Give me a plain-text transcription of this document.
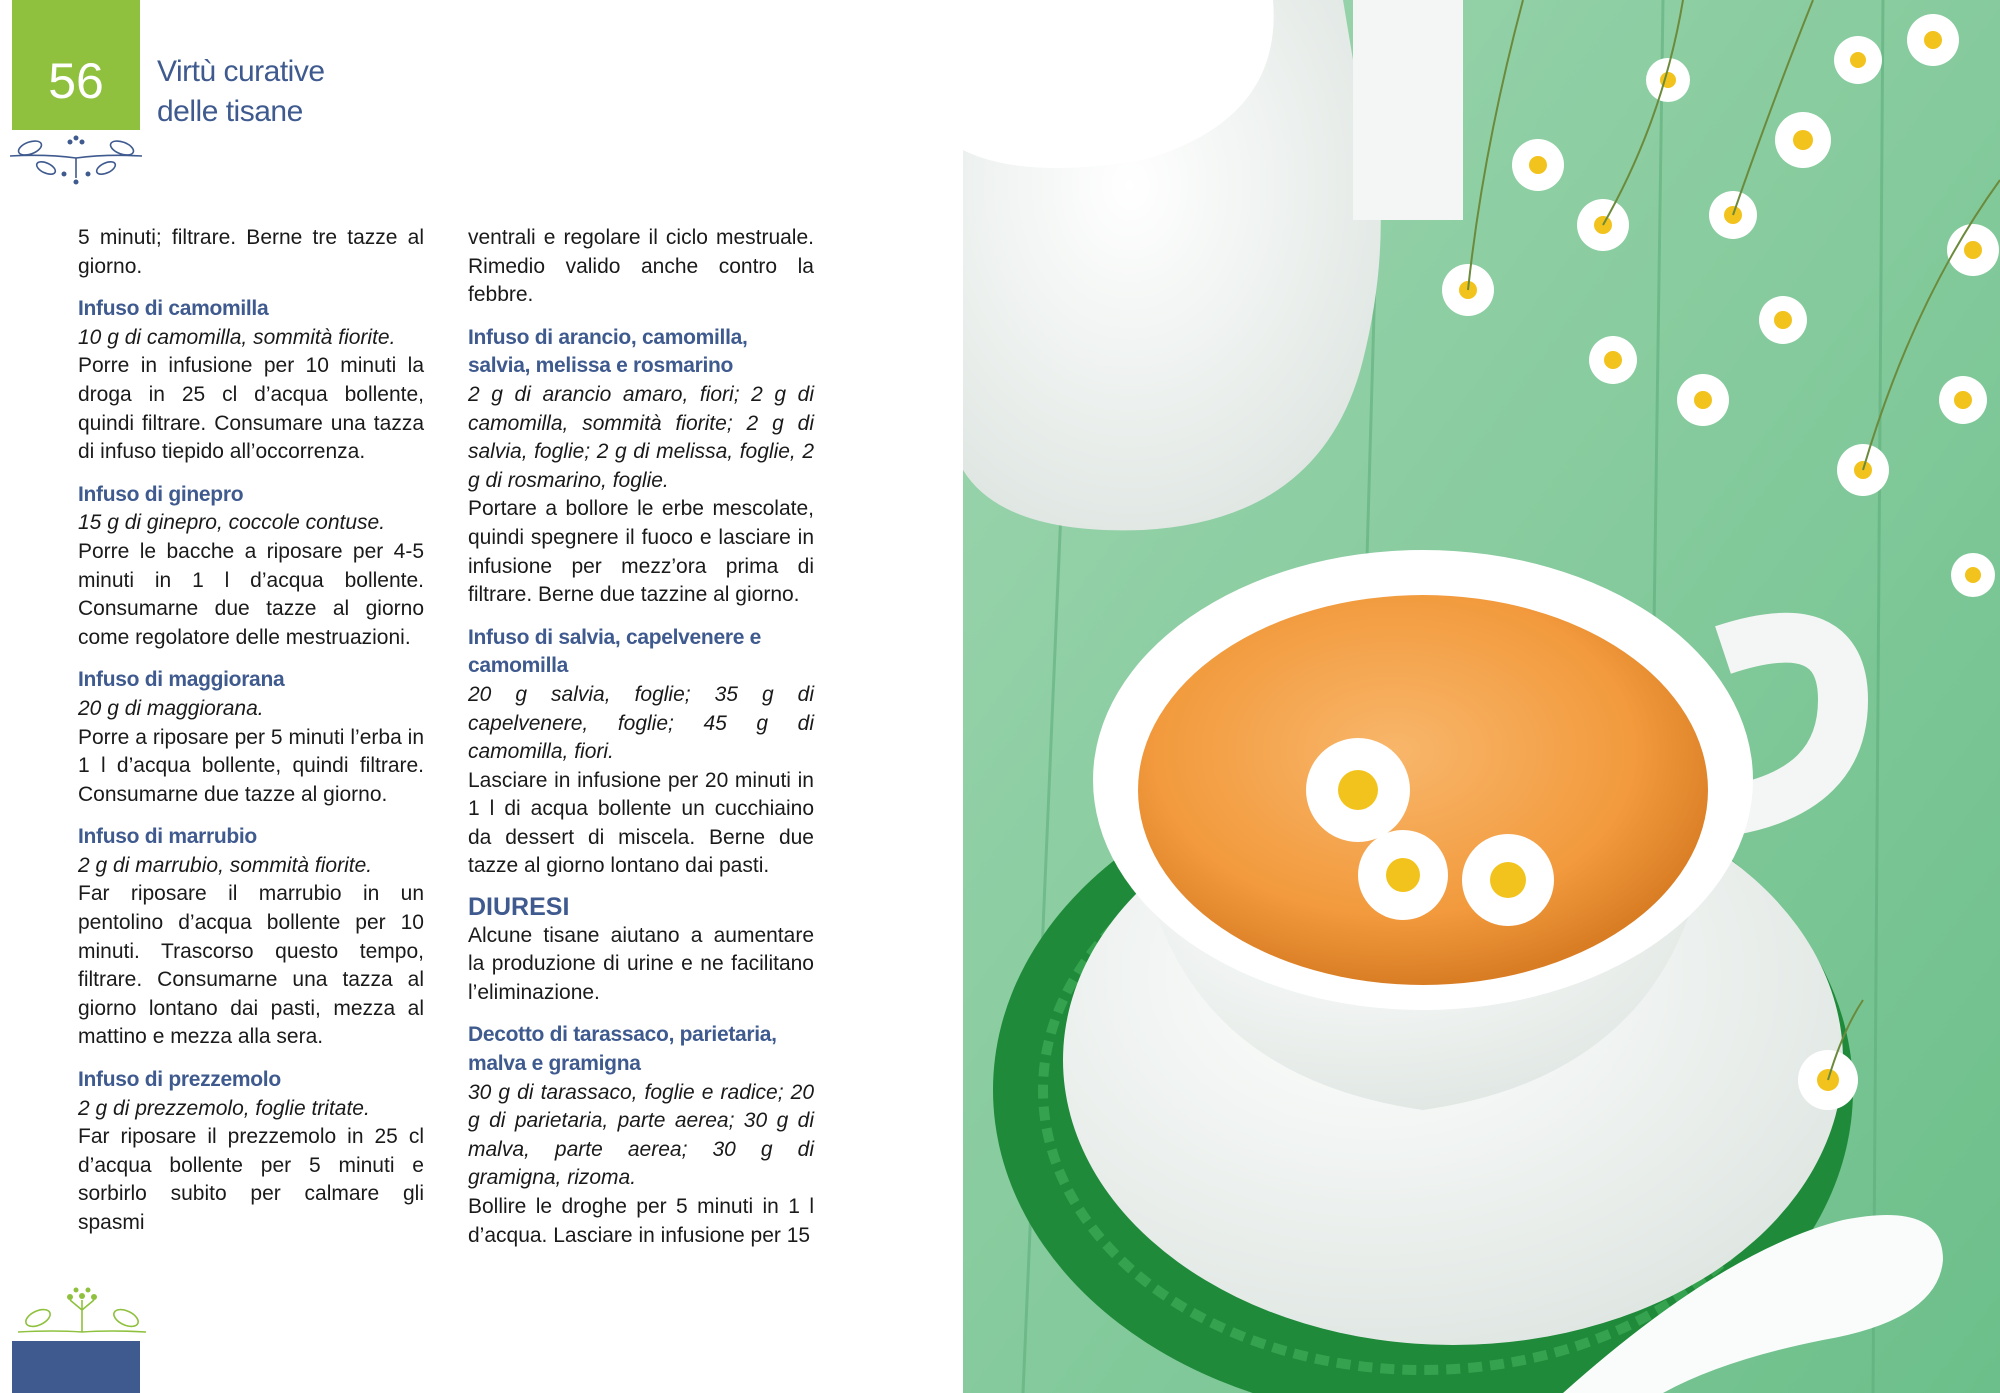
56 Virtù curative
delle tisane

5 minuti; filtrare. Berne tre tazze al giorno.

Infuso di camomilla

10 g di camomilla, sommità fiorite.

Porre in infusione per 10 minuti la droga in 25 cl d’acqua bollente, quindi filtrare. Consumare una tazza di infuso tiepido all’occorrenza.

Infuso di ginepro

15 g di ginepro, coccole contuse.

Porre le bacche a riposare per 4-5 minuti in 1 l d’acqua bollente. Consumarne due tazze al giorno come regolatore delle mestruazioni.

Infuso di maggiorana

20 g di maggiorana.

Porre a riposare per 5 minuti l’erba in 1 l d’acqua bollente, quindi filtrare. Consumarne due tazze al giorno.

Infuso di marrubio

2 g di marrubio, sommità fiorite.

Far riposare il marrubio in un pentolino d’acqua bollente per 10 minuti. Trascorso questo tempo, filtrare. Consumarne una tazza al giorno lontano dai pasti, mezza al mattino e mezza alla sera.

Infuso di prezzemolo

2 g di prezzemolo, foglie tritate.

Far riposare il prezzemolo in 25 cl d’acqua bollente per 5 minuti e sorbirlo subito per calmare gli spasmi

ventrali e regolare il ciclo mestruale. Rimedio valido anche contro la febbre.

Infuso di arancio, camomilla, salvia, melissa e rosmarino

2 g di arancio amaro, fiori; 2 g di camomilla, sommità fiorite; 2 g di salvia, foglie; 2 g di melissa, foglie, 2 g di rosmarino, foglie.

Portare a bollore le erbe mescolate, quindi spegnere il fuoco e lasciare in infusione per mezz’ora prima di filtrare. Berne due tazzine al giorno.

Infuso di salvia, capelvenere e camomilla

20 g salvia, foglie; 35 g di capelvenere, foglie; 45 g di camomilla, fiori.

Lasciare in infusione per 20 minuti in 1 l di acqua bollente un cucchiaino da dessert di miscela. Berne due tazze al giorno lontano dai pasti.

DIURESI

Alcune tisane aiutano a aumentare la produzione di urine e ne facilitano l’eliminazione.

Decotto di tarassaco, parietaria, malva e gramigna

30 g di tarassaco, foglie e radice; 20 g di parietaria, parte aerea; 30 g di malva, parte aerea; 30 g di gramigna, rizoma.

Bollire le droghe per 5 minuti in 1 l d’acqua. Lasciare in infusione per 15
